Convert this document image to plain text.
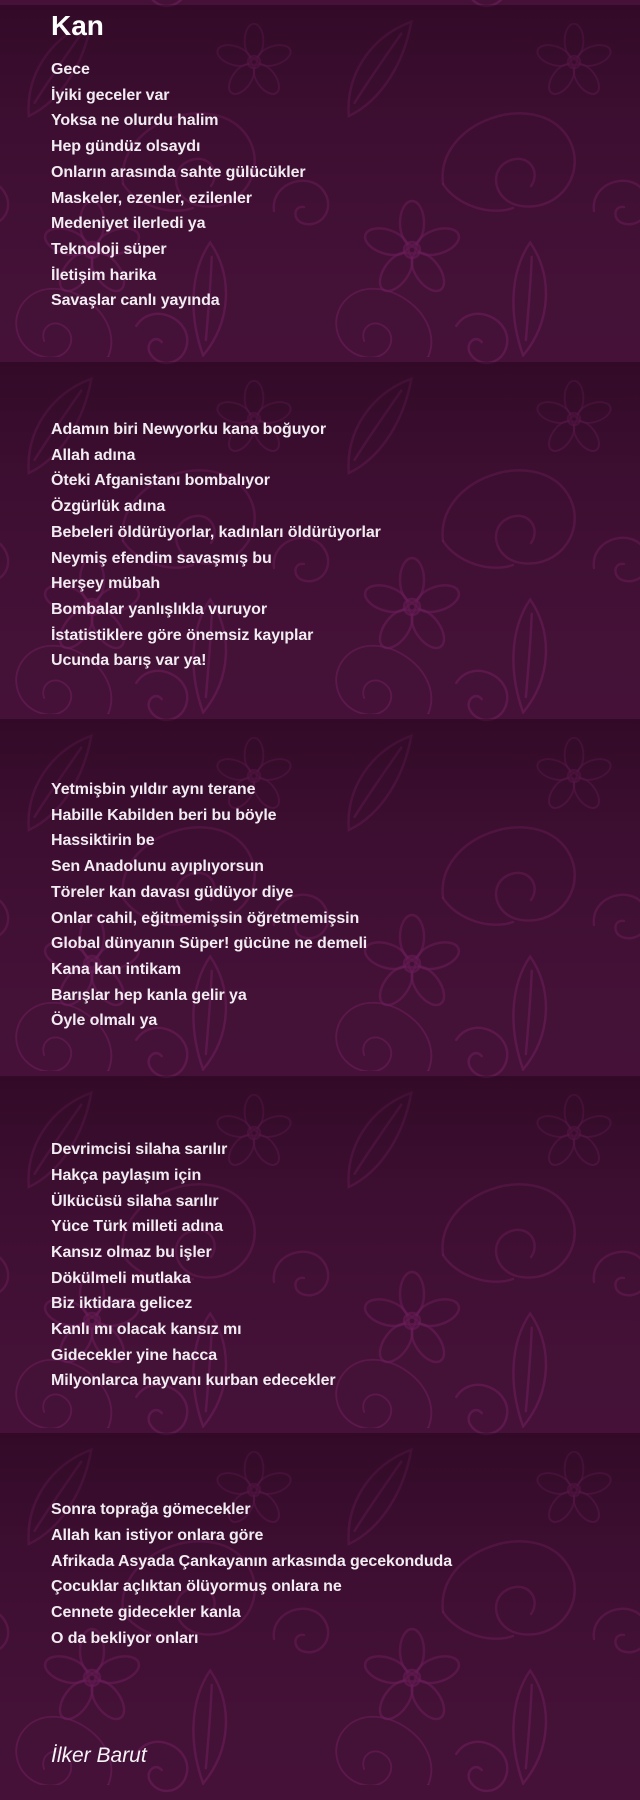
Kan

Gece

İyiki geceler var

Yoksa ne olurdu halim

Hep gündüz olsaydı

Onların arasında sahte gülücükler

Maskeler, ezenler, ezilenler

Medeniyet ilerledi ya

Teknoloji süper

İletişim harika

Savaşlar canlı yayında

Adamın biri Newyorku kana boğuyor

Allah adına

Öteki Afganistanı bombalıyor

Özgürlük adına

Bebeleri öldürüyorlar, kadınları öldürüyorlar

Neymiş efendim savaşmış bu

Herşey mübah

Bombalar yanlışlıkla vuruyor

İstatistiklere göre önemsiz kayıplar

Ucunda barış var ya!

Yetmişbin yıldır aynı terane

Habille Kabilden beri bu böyle

Hassiktirin be

Sen Anadolunu ayıplıyorsun

Töreler kan davası güdüyor diye

Onlar cahil, eğitmemişsin öğretmemişsin

Global dünyanın Süper! gücüne ne demeli

Kana kan intikam

Barışlar hep kanla gelir ya

Öyle olmalı ya

Devrimcisi silaha sarılır

Hakça paylaşım için

Ülkücüsü silaha sarılır

Yüce Türk milleti adına

Kansız olmaz bu işler

Dökülmeli mutlaka

Biz iktidara gelicez

Kanlı mı olacak kansız mı

Gidecekler yine hacca

Milyonlarca hayvanı kurban edecekler

Sonra toprağa gömecekler

Allah kan istiyor onlara göre

Afrikada Asyada Çankayanın arkasında gecekonduda

Çocuklar açlıktan ölüyormuş onlara ne

Cennete gidecekler kanla

O da bekliyor onları

İlker Barut
